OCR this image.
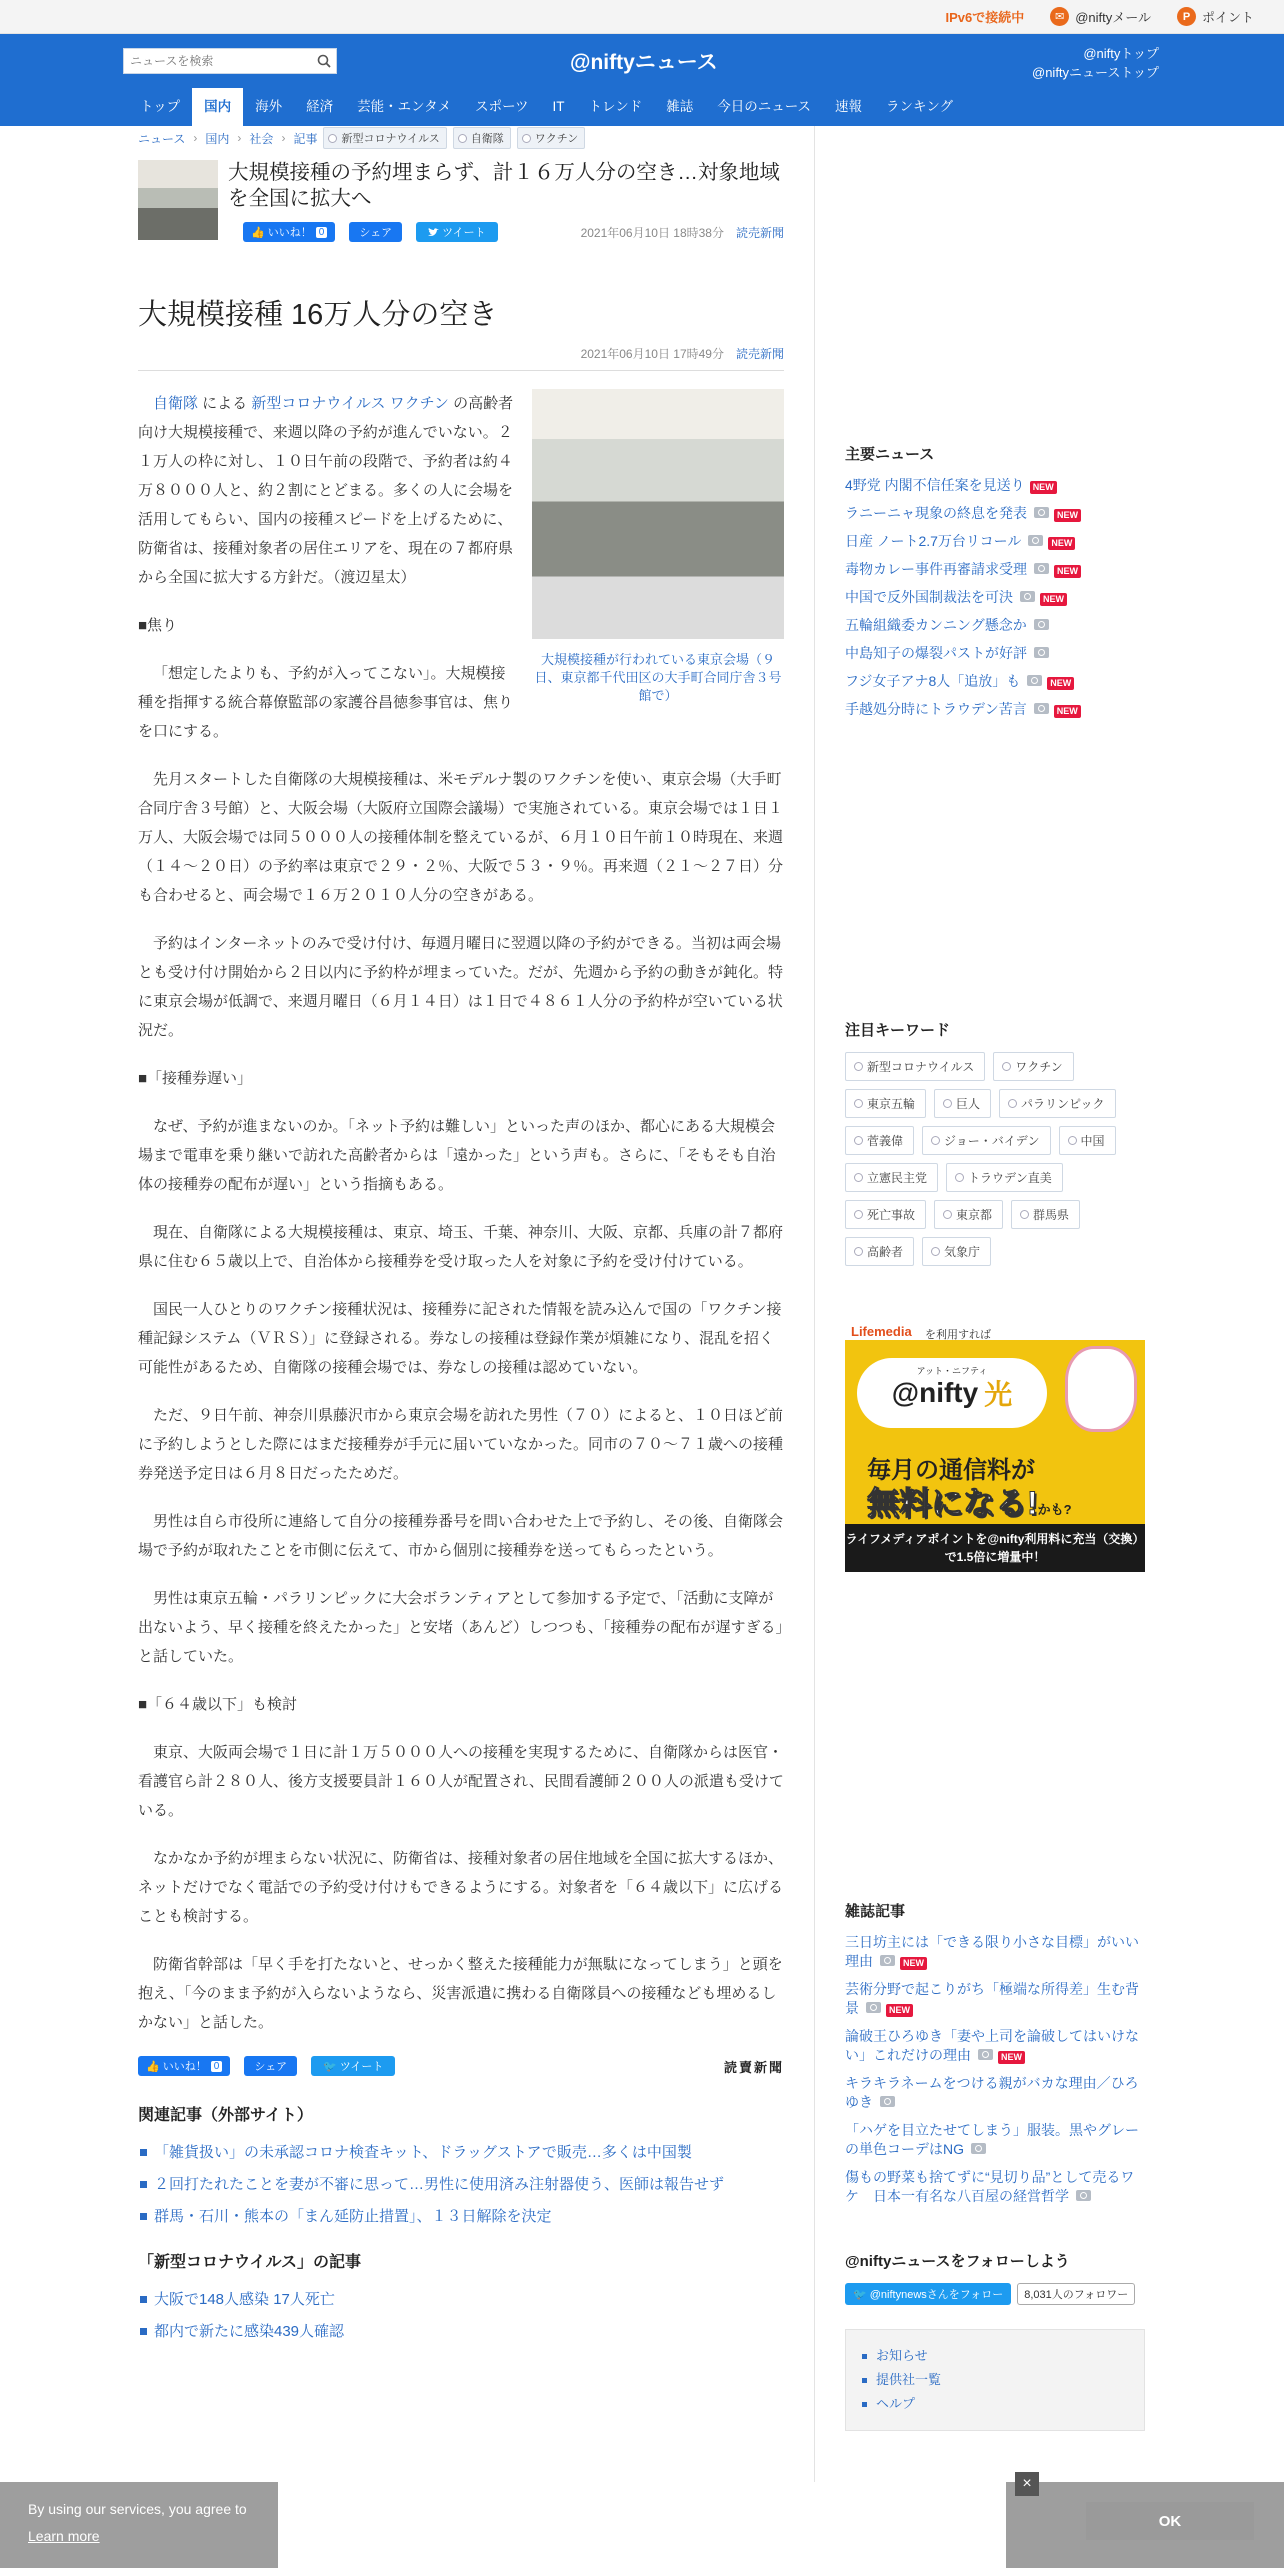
IPv6で接続中	✉ @niftyメール	P ポイント
ニュースを検索
@niftyニュース	@niftyトップ
@niftyニューストップ
トップ	国内	海外	経済	芸能・エンタメ	スポーツ	IT	トレンド	雑誌	今日のニュース	速報	ランキング
ニュース › 国内 › 社会 › 記事	新型コロナウイルス	自衛隊	ワクチン
大規模接種の予約埋まらず、計１６万人分の空き…対象地域を全国に拡大へ
👍 いいね！ 0	シェア
	ツイート	2021年06月10日 18時38分 読売新聞
大規模接種 16万人分の空き
2021年06月10日 17時49分 読売新聞
大規模接種が行われている東京会場（９日、東京都千代田区の大手町合同庁舎３号館で）

自衛隊 による 新型コロナウイルス ワクチン の高齢者向け大規模接種で、来週以降の予約が進んでいない。２１万人の枠に対し、１０日午前の段階で、予約者は約４万８０００人と、約２割にとどまる。多くの人に会場を活用してもらい、国内の接種スピードを上げるために、防衛省は、接種対象者の居住エリアを、現在の７都府県から全国に拡大する方針だ。（渡辺星太）

■焦り

「想定したよりも、予約が入ってこない」。大規模接種を指揮する統合幕僚監部の家護谷昌徳参事官は、焦りを口にする。

先月スタートした自衛隊の大規模接種は、米モデルナ製のワクチンを使い、東京会場（大手町合同庁舎３号館）と、大阪会場（大阪府立国際会議場）で実施されている。東京会場では１日１万人、大阪会場では同５０００人の接種体制を整えているが、６月１０日午前１０時現在、来週（１４～２０日）の予約率は東京で２９・２％、大阪で５３・９％。再来週（２１～２７日）分も合わせると、両会場で１６万２０１０人分の空きがある。

予約はインターネットのみで受け付け、毎週月曜日に翌週以降の予約ができる。当初は両会場とも受け付け開始から２日以内に予約枠が埋まっていた。だが、先週から予約の動きが鈍化。特に東京会場が低調で、来週月曜日（６月１４日）は１日で４８６１人分の予約枠が空いている状況だ。

■「接種券遅い」

なぜ、予約が進まないのか。「ネット予約は難しい」といった声のほか、都心にある大規模会場まで電車を乗り継いで訪れた高齢者からは「遠かった」という声も。さらに、「そもそも自治体の接種券の配布が遅い」という指摘もある。

現在、自衛隊による大規模接種は、東京、埼玉、千葉、神奈川、大阪、京都、兵庫の計７都府県に住む６５歳以上で、自治体から接種券を受け取った人を対象に予約を受け付けている。

国民一人ひとりのワクチン接種状況は、接種券に記された情報を読み込んで国の「ワクチン接種記録システム（ＶＲＳ）」に登録される。券なしの接種は登録作業が煩雑になり、混乱を招く可能性があるため、自衛隊の接種会場では、券なしの接種は認めていない。

ただ、９日午前、神奈川県藤沢市から東京会場を訪れた男性（７０）によると、１０日ほど前に予約しようとした際にはまだ接種券が手元に届いていなかった。同市の７０～７１歳への接種券発送予定日は６月８日だったためだ。

男性は自ら市役所に連絡して自分の接種券番号を問い合わせた上で予約し、その後、自衛隊会場で予約が取れたことを市側に伝えて、市から個別に接種券を送ってもらったという。

男性は東京五輪・パラリンピックに大会ボランティアとして参加する予定で、「活動に支障が出ないよう、早く接種を終えたかった」と安堵（あんど）しつつも、「接種券の配布が遅すぎる」と話していた。

■「６４歳以下」も検討

東京、大阪両会場で１日に計１万５０００人への接種を実現するために、自衛隊からは医官・看護官ら計２８０人、後方支援要員計１６０人が配置され、民間看護師２００人の派遣も受けている。

なかなか予約が埋まらない状況に、防衛省は、接種対象者の居住地域を全国に拡大するほか、ネットだけでなく電話での予約受け付けもできるようにする。対象者を「６４歳以下」に広げることも検討する。

防衛省幹部は「早く手を打たないと、せっかく整えた接種能力が無駄になってしまう」と頭を抱え、「今のまま予約が入らないようなら、災害派遣に携わる自衛隊員への接種なども埋めるしかない」と話した。

👍 いいね！ 0	シェア	🐦 ツイート	読賣新聞
関連記事（外部サイト）
「雑貨扱い」の未承認コロナ検査キット、ドラッグストアで販売…多くは中国製
２回打たれたことを妻が不審に思って…男性に使用済み注射器使う、医師は報告せず
群馬・石川・熊本の「まん延防止措置」、１３日解除を決定
「新型コロナウイルス」の記事
大阪で148人感染 17人死亡
都内で新たに感染439人確認
主要ニュース
4野党 内閣不信任案を見送り NEW
ラニーニャ現象の終息を発表	NEW
日産 ノート2.7万台リコール	NEW
毒物カレー事件再審請求受理	NEW
中国で反外国制裁法を可決	NEW
五輪組織委カンニング懸念か
中島知子の爆裂パストが好評
フジ女子アナ8人「追放」も	NEW
手越処分時にトラウデン苦言	NEW
注目キーワード
新型コロナウイルス	ワクチン
東京五輪	巨人	パラリンピック
菅義偉	ジョー・バイデン	中国
立憲民主党	トラウデン直美
死亡事故	東京都	群馬県
高齢者	気象庁
Lifemedia を利用すれば
アット・ニフティ
@nifty 光
毎月の通信料が
無料になる!かも?
ライフメディアポイントを@nifty利用料に充当（交換）で1.5倍に増量中！
雑誌記事
三日坊主には「できる限り小さな目標」がいい理由	NEW
芸術分野で起こりがち「極端な所得差」生む背景	NEW
論破王ひろゆき「妻や上司を論破してはいけない」これだけの理由	NEW
キラキラネームをつける親がバカな理由／ひろゆき
「ハゲを目立たせてしまう」服装。黒やグレーの単色コーデはNG
傷もの野菜も捨てずに“見切り品”として売るワケ　日本一有名な八百屋の経営哲学
@niftyニュースをフォローしよう
🐦 @niftynewsさんをフォロー	8,031人のフォロワー
お知らせ
提供社一覧
ヘルプ
By using our services, you agree to
Learn more
OK
×
